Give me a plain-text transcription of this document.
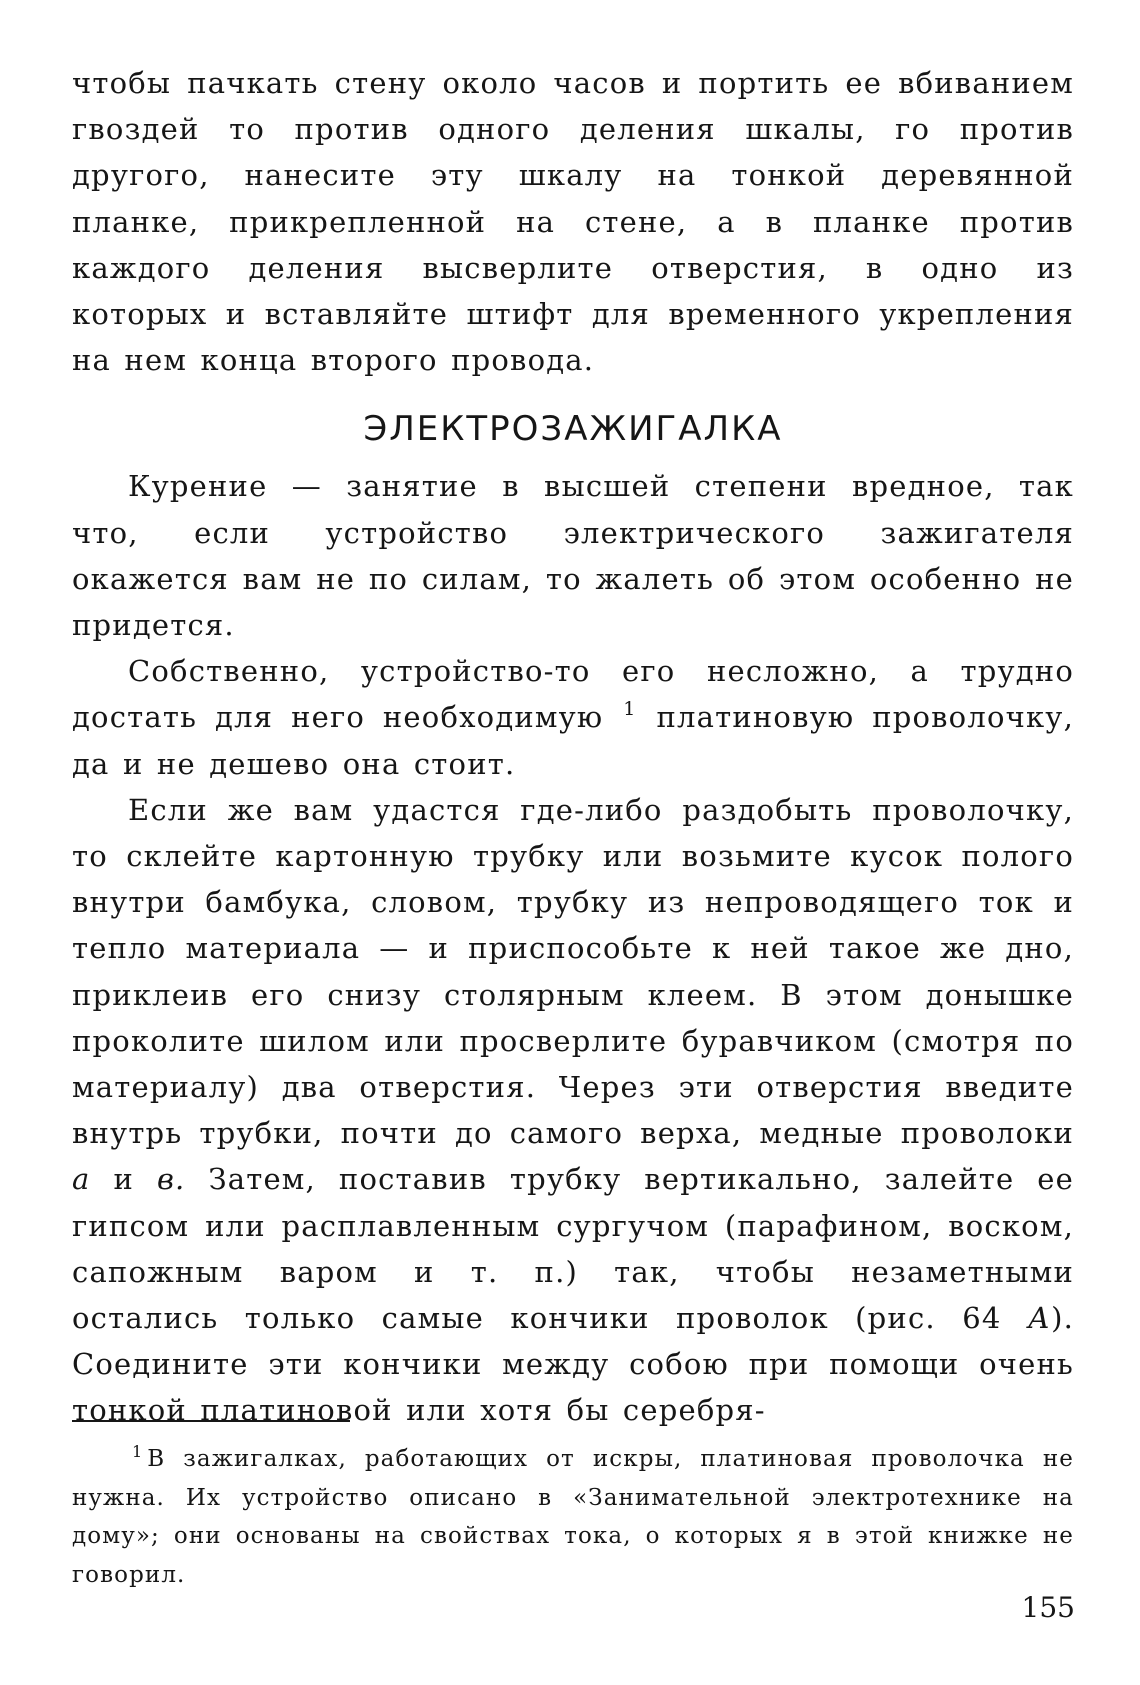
чтобы пачкать стену около часов и портить ее вбиванием гвоздей то против одного деления шкалы, го против другого, нанесите эту шкалу на тонкой деревянной планке, прикрепленной на стене, а в планке против каждого деления высверлите отверстия, в одно из которых и вставляйте штифт для временного укрепления на нем конца второго провода.

ЭЛЕКТРОЗАЖИГАЛКА

Курение — занятие в высшей степени вредное, так что, если устройство электрического зажигателя окажется вам не по силам, то жалеть об этом особенно не придется.

Собственно, устройство-то его несложно, а трудно достать для него необходимую $^1$ платиновую проволочку, да и не дешево она стоит.

Если же вам удастся где-либо раздобыть проволочку, то склейте картонную трубку или возьмите кусок полого внутри бамбука, словом, трубку из непроводящего ток и тепло материала — и приспособьте к ней такое же дно, приклеив его снизу столярным клеем. В этом донышке проколите шилом или просверлите буравчиком (смотря по материалу) два отверстия. Через эти отверстия введите внутрь трубки, почти до самого верха, медные проволоки а и в. Затем, поставив трубку вертикально, залейте ее гипсом или расплавленным сургучом (парафином, воском, сапожным варом и т. п.) так, чтобы незаметными остались только самые кончики проволок (рис. 64 А). Соедините эти кончики между собою при помощи очень тонкой платиновой или хотя бы серебря-

$^1$ В зажигалках, работающих от искры, платиновая проволочка не нужна. Их устройство описано в «Занимательной электротехнике на дому»; они основаны на свойствах тока, о которых я в этой книжке не говорил.

155
